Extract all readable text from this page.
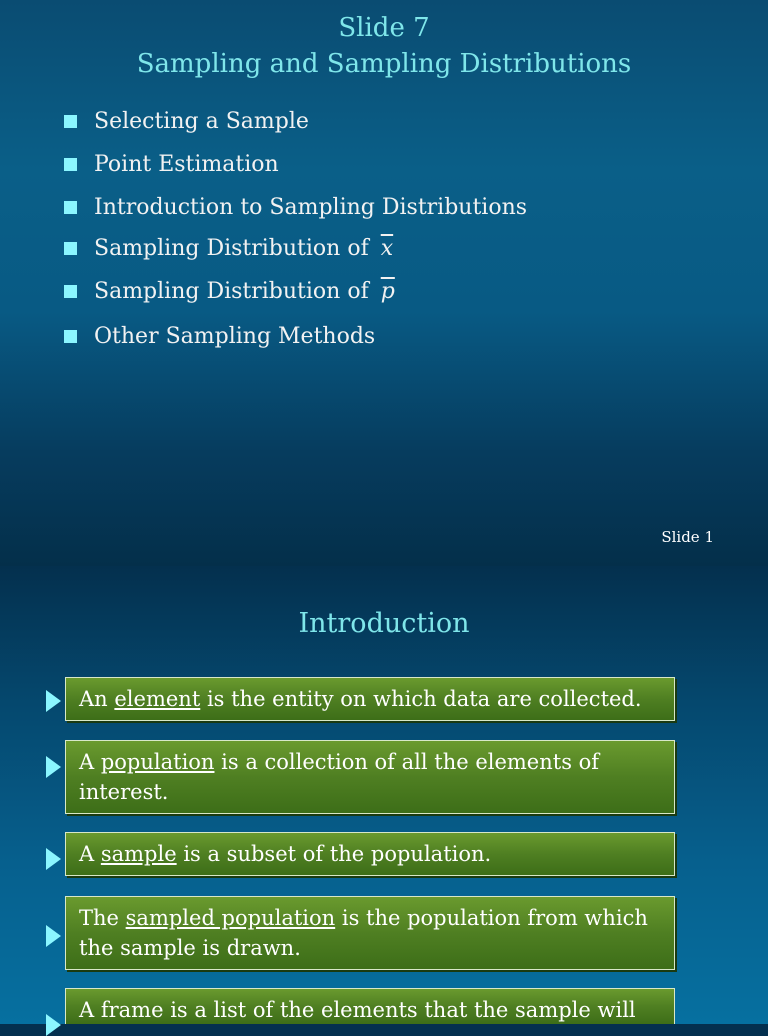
Slide 7
Sampling and Sampling Distributions
Selecting a Sample
Point Estimation
Introduction to Sampling Distributions
Sampling Distribution of $\overline{x}$
Sampling Distribution of $\overline{p}$
Other Sampling Methods
Slide 1
Introduction
An element is the entity on which data are collected.
A population is a collection of all the elements of interest.
A sample is a subset of the population.
The sampled population is the population from which the sample is drawn.
A frame is a list of the elements that the sample will
